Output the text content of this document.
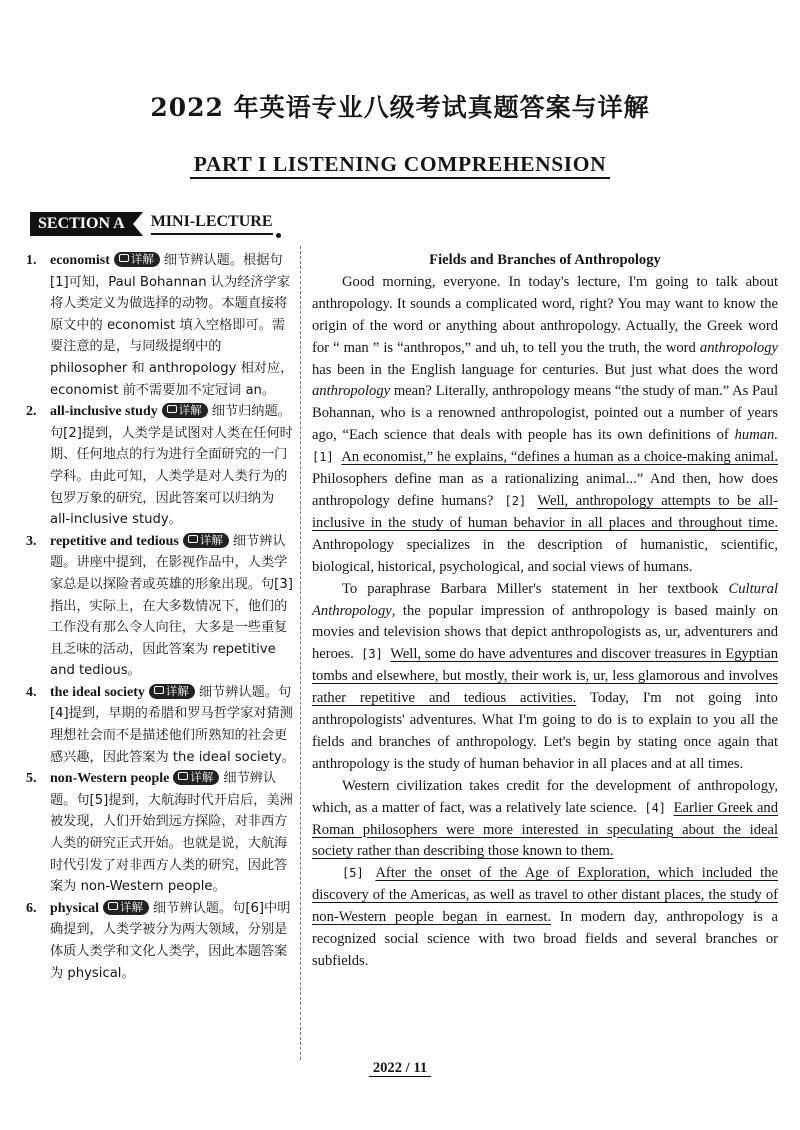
2022 年英语专业八级考试真题答案与详解
PART I LISTENING COMPREHENSION
SECTION A	MINI-LECTURE
1. economist 详解 细节辨认题。根据句[1]可知，Paul Bohannan 认为经济学家将人类定义为做选择的动物。本题直接将原文中的 economist 填入空格即可。需要注意的是，与同级提纲中的 philosopher 和 anthropology 相对应，economist 前不需要加不定冠词 an。
2. all-inclusive study 详解 细节归纳题。句[2]提到，人类学是试图对人类在任何时期、任何地点的行为进行全面研究的一门学科。由此可知，人类学是对人类行为的包罗万象的研究，因此答案可以归纳为 all-inclusive study。
3. repetitive and tedious 详解 细节辨认题。讲座中提到，在影视作品中，人类学家总是以探险者或英雄的形象出现。句[3]指出，实际上，在大多数情况下，他们的工作没有那么令人向往，大多是一些重复且乏味的活动，因此答案为 repetitive and tedious。
4. the ideal society 详解 细节辨认题。句[4]提到，早期的希腊和罗马哲学家对猜测理想社会而不是描述他们所熟知的社会更感兴趣，因此答案为 the ideal society。
5. non-Western people 详解 细节辨认题。句[5]提到，大航海时代开启后，美洲被发现，人们开始到远方探险，对非西方人类的研究正式开始。也就是说，大航海时代引发了对非西方人类的研究，因此答案为 non-Western people。
6. physical 详解 细节辨认题。句[6]中明确提到，人类学被分为两大领域，分别是体质人类学和文化人类学，因此本题答案为 physical。
Fields and Branches of Anthropology

Good morning, everyone. In today's lecture, I'm going to talk about anthropology. It sounds a complicated word, right? You may want to know the origin of the word or anything about anthropology. Actually, the Greek word for “ man ” is “anthropos,” and uh, to tell you the truth, the word anthropology has been in the English language for centuries. But just what does the word anthropology mean? Literally, anthropology means “the study of man.” As Paul Bohannan, who is a renowned anthropologist, pointed out a number of years ago, “Each science that deals with people has its own definitions of human. [1] An economist,” he explains, “defines a human as a choice-making animal. Philosophers define man as a rationalizing animal...” And then, how does anthropology define humans? [2] Well, anthropology attempts to be all-inclusive in the study of human behavior in all places and throughout time. Anthropology specializes in the description of humanistic, scientific, biological, historical, psychological, and social views of humans.

To paraphrase Barbara Miller's statement in her textbook Cultural Anthropology, the popular impression of anthropology is based mainly on movies and television shows that depict anthropologists as, ur, adventurers and heroes. [3] Well, some do have adventures and discover treasures in Egyptian tombs and elsewhere, but mostly, their work is, ur, less glamorous and involves rather repetitive and tedious activities. Today, I'm not going into anthropologists' adventures. What I'm going to do is to explain to you all the fields and branches of anthropology. Let's begin by stating once again that anthropology is the study of human behavior in all places and at all times.

Western civilization takes credit for the development of anthropology, which, as a matter of fact, was a relatively late science. [4] Earlier Greek and Roman philosophers were more interested in speculating about the ideal society rather than describing those known to them.

[5] After the onset of the Age of Exploration, which included the discovery of the Americas, as well as travel to other distant places, the study of non-Western people began in earnest. In modern day, anthropology is a recognized social science with two broad fields and several branches or subfields.

2022 / 11
